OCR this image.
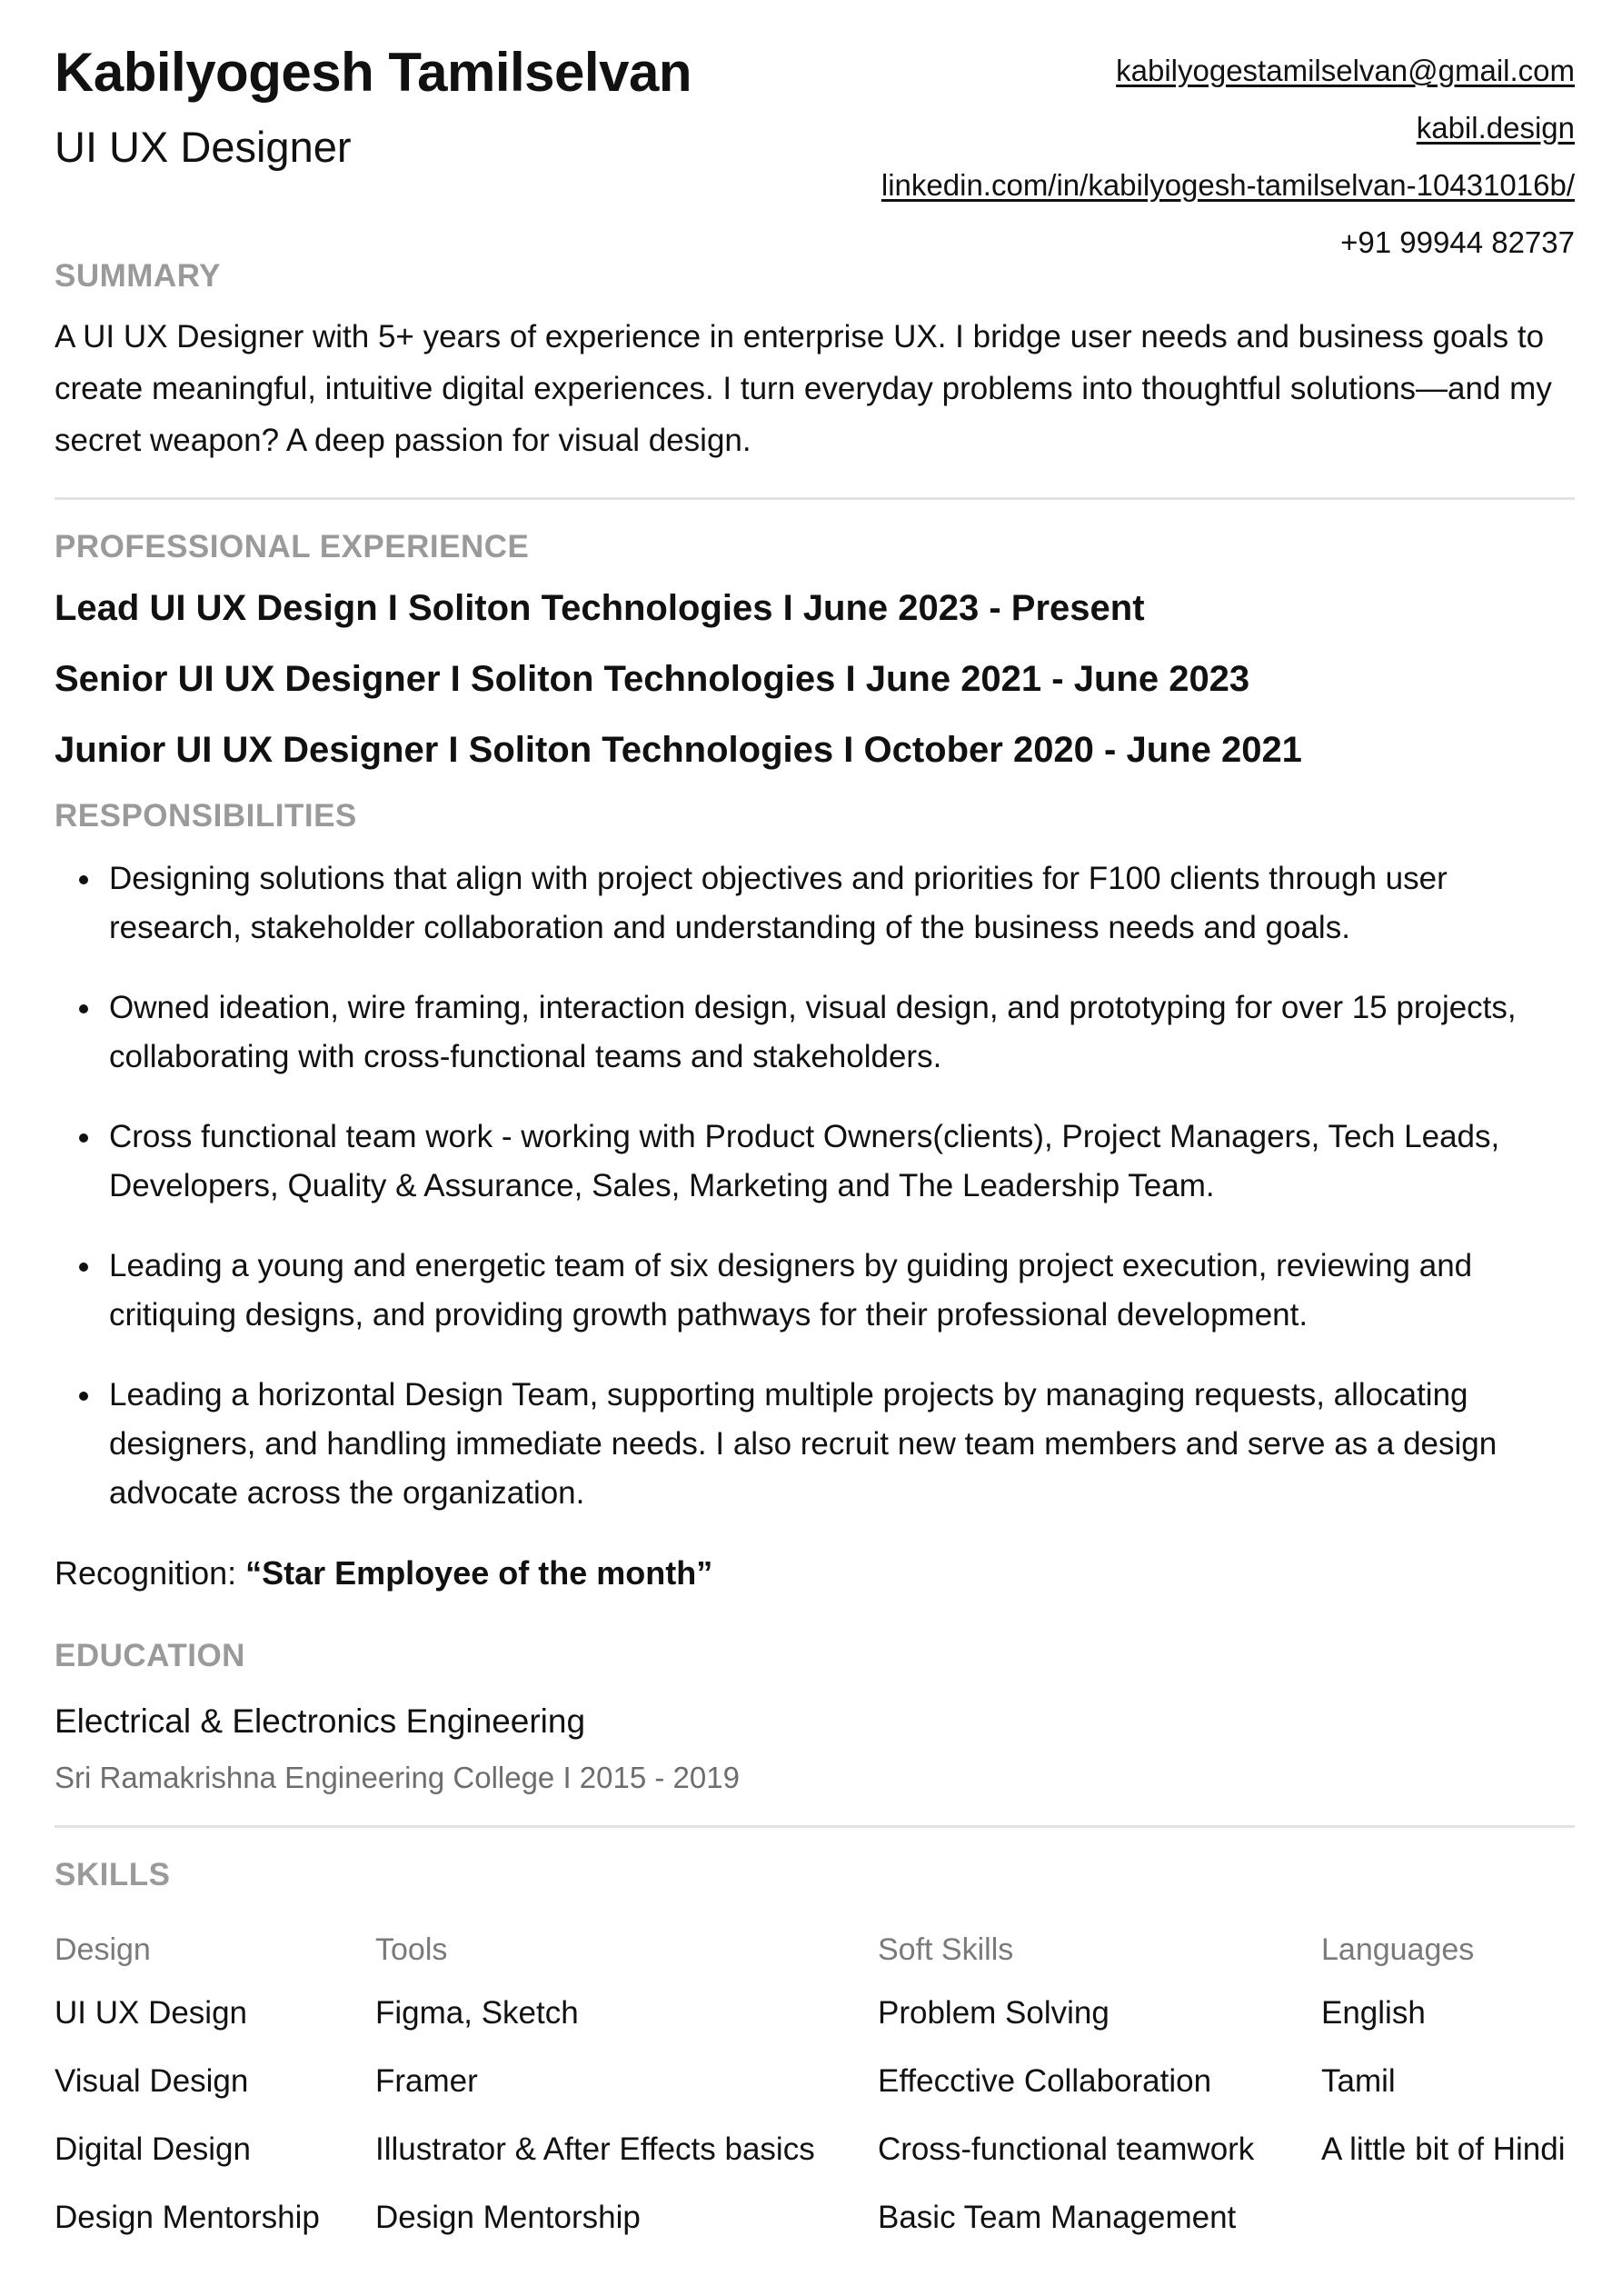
Kabilyogesh Tamilselvan
UI UX Designer
kabilyogestamilselvan@gmail.com
kabil.design
linkedin.com/in/kabilyogesh-tamilselvan-10431016b/
+91 99944 82737
SUMMARY

A UI UX Designer with 5+ years of experience in enterprise UX. I bridge user needs and business goals to create meaningful, intuitive digital experiences. I turn everyday problems into thoughtful solutions—and my secret weapon? A deep passion for visual design.

PROFESSIONAL EXPERIENCE

Lead UI UX Design I Soliton Technologies I June 2023 - Present

Senior UI UX Designer I Soliton Technologies I June 2021 - June 2023

Junior UI UX Designer I Soliton Technologies I October 2020 - June 2021

RESPONSIBILITIES
• Designing solutions that align with project objectives and priorities for F100 clients through user research, stakeholder collaboration and understanding of the business needs and goals.
• Owned ideation, wire framing, interaction design, visual design, and prototyping for over 15 projects, collaborating with cross-functional teams and stakeholders.
• Cross functional team work - working with Product Owners(clients), Project Managers, Tech Leads, Developers, Quality & Assurance, Sales, Marketing and The Leadership Team.
• Leading a young and energetic team of six designers by guiding project execution, reviewing and critiquing designs, and providing growth pathways for their professional development.
• Leading a horizontal Design Team, supporting multiple projects by managing requests, allocating designers, and handling immediate needs. I also recruit new team members and serve as a design advocate across the organization.

Recognition: “Star Employee of the month”

EDUCATION

Electrical & Electronics Engineering

Sri Ramakrishna Engineering College I 2015 - 2019

SKILLS

Design

UI UX Design

Visual Design

Digital Design

Design Mentorship

Tools

Figma, Sketch

Framer

Illustrator & After Effects basics

Design Mentorship

Soft Skills

Problem Solving

Effecctive Collaboration

Cross-functional teamwork

Basic Team Management

Languages

English

Tamil

A little bit of Hindi
